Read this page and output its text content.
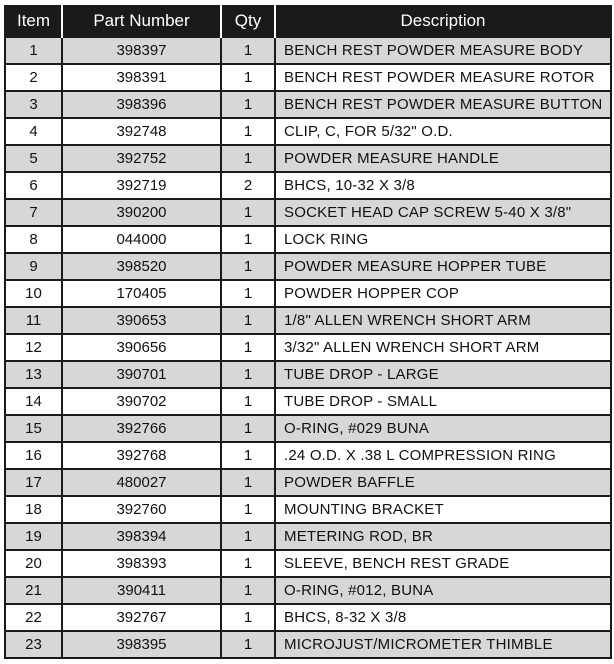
Item	Part Number	Qty	Description
1	398397	1	BENCH REST POWDER MEASURE BODY
2	398391	1	BENCH REST POWDER MEASURE ROTOR
3	398396	1	BENCH REST POWDER MEASURE BUTTON
4	392748	1	CLIP, C, FOR 5/32" O.D.
5	392752	1	POWDER MEASURE HANDLE
6	392719	2	BHCS, 10-32 X 3/8
7	390200	1	SOCKET HEAD CAP SCREW 5-40 X 3/8"
8	044000	1	LOCK RING
9	398520	1	POWDER MEASURE HOPPER TUBE
10	170405	1	POWDER HOPPER COP
11	390653	1	1/8" ALLEN WRENCH SHORT ARM
12	390656	1	3/32" ALLEN WRENCH SHORT ARM
13	390701	1	TUBE DROP - LARGE
14	390702	1	TUBE DROP - SMALL
15	392766	1	O-RING, #029 BUNA
16	392768	1	.24 O.D. X .38 L COMPRESSION RING
17	480027	1	POWDER BAFFLE
18	392760	1	MOUNTING BRACKET
19	398394	1	METERING ROD, BR
20	398393	1	SLEEVE, BENCH REST GRADE
21	390411	1	O-RING, #012, BUNA
22	392767	1	BHCS, 8-32 X 3/8
23	398395	1	MICROJUST/MICROMETER THIMBLE
